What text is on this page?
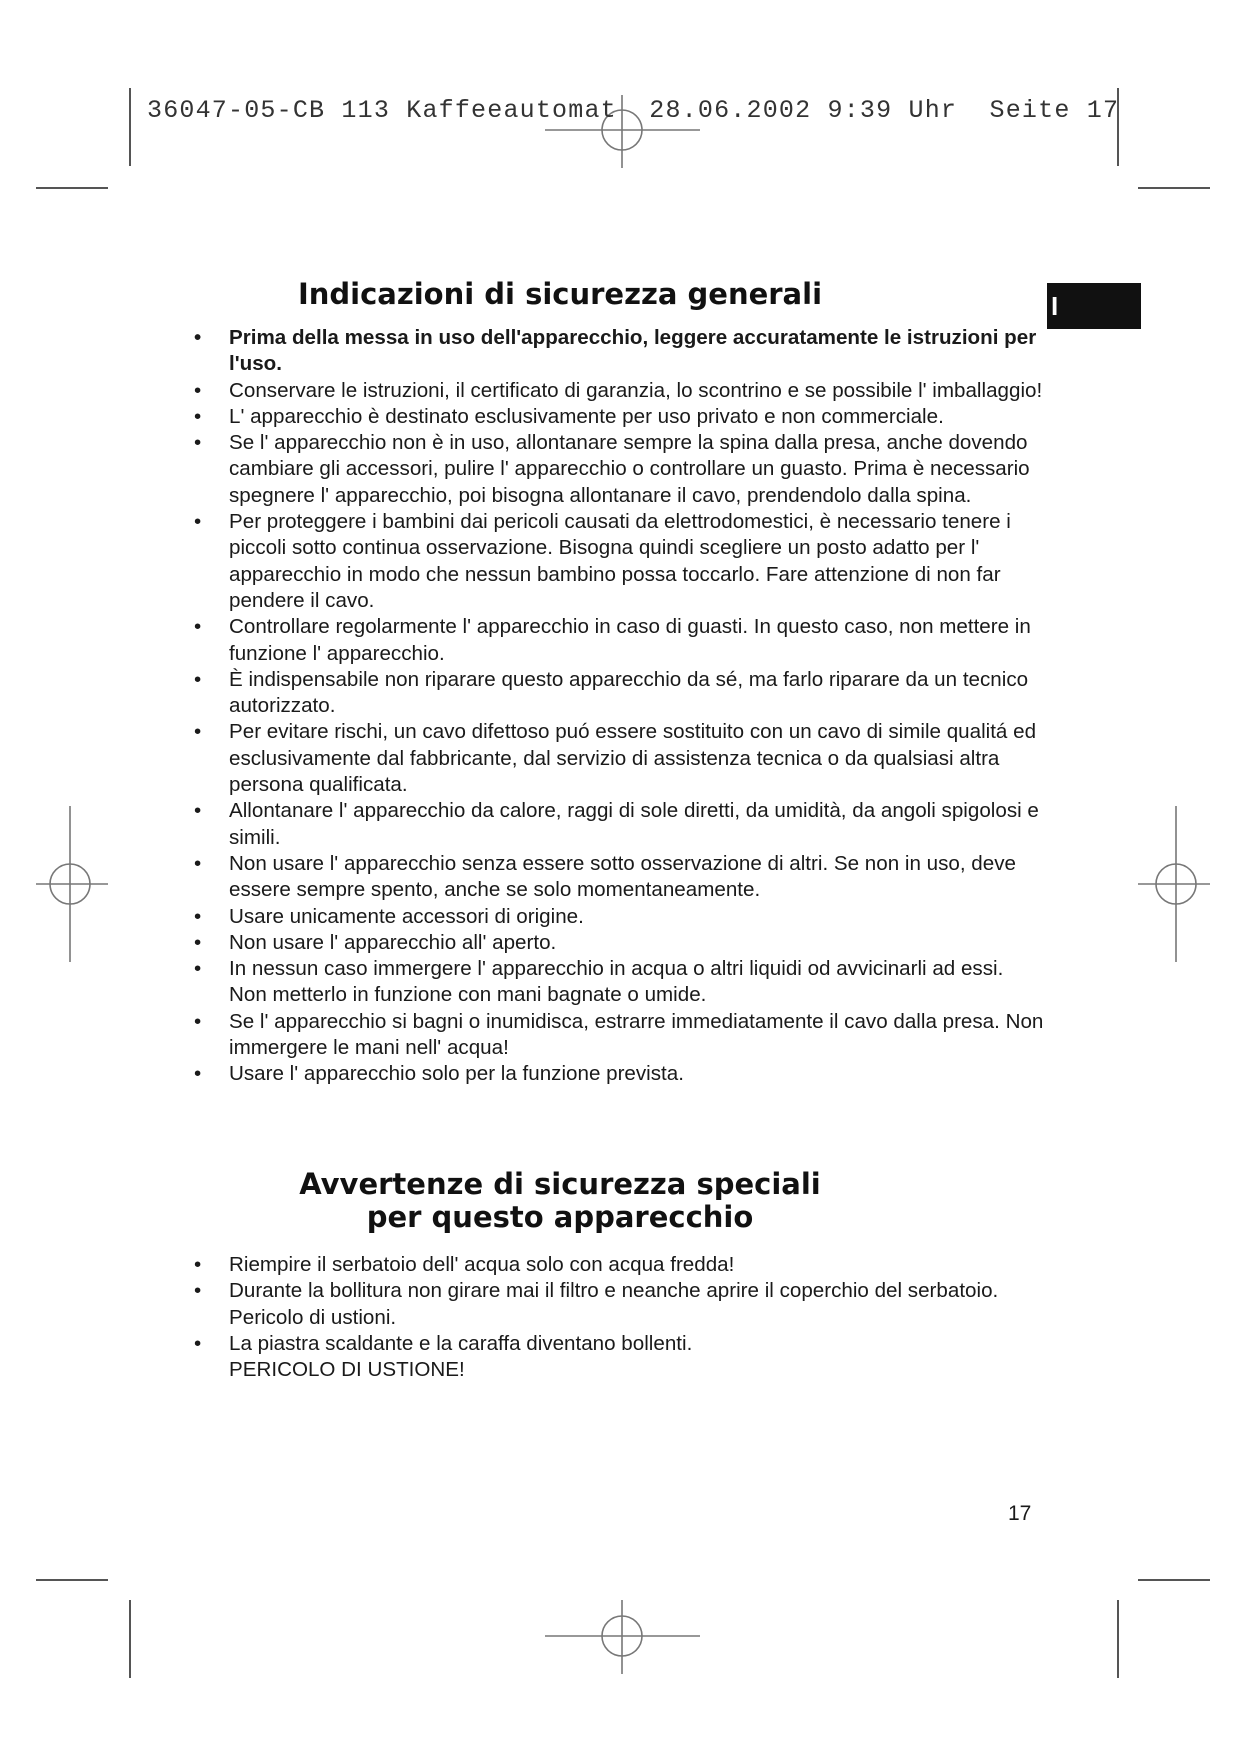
36047-05-CB 113 Kaffeeautomat  28.06.2002 9:39 Uhr  Seite 17
I
Indicazioni di sicurezza generali
• Prima della messa in uso dell'apparecchio, leggere accuratamente le istruzioni per l'uso.
• Conservare le istruzioni, il certificato di garanzia, lo scontrino e se possibile l' imballaggio!
• L' apparecchio è destinato esclusivamente per uso privato e non commerciale.
• Se l' apparecchio non è in uso, allontanare sempre la spina dalla presa, anche dovendo cambiare gli accessori, pulire l' apparecchio o controllare un guasto. Prima è necessario spegnere l' apparecchio, poi bisogna allontanare il cavo, prendendolo dalla spina.
• Per proteggere i bambini dai pericoli causati da elettrodomestici, è necessario tenere i piccoli sotto continua osservazione. Bisogna quindi scegliere un posto adatto per l' apparecchio in modo che nessun bambino possa toccarlo. Fare attenzione di non far pendere il cavo.
• Controllare regolarmente l' apparecchio in caso di guasti. In questo caso, non mettere in funzione l' apparecchio.
• È indispensabile non riparare questo apparecchio da sé, ma farlo riparare da un tecnico autorizzato.
• Per evitare rischi, un cavo difettoso puó essere sostituito con un cavo di simile qualitá ed esclusivamente dal fabbricante, dal servizio di assistenza tecnica o da qualsiasi altra persona qualificata.
• Allontanare l' apparecchio da calore, raggi di sole diretti, da umidità, da angoli spigolosi e simili.
• Non usare l' apparecchio senza essere sotto osservazione di altri. Se non in uso, deve essere sempre spento, anche se solo momentaneamente.
• Usare unicamente accessori di origine.
• Non usare l' apparecchio all' aperto.
• In nessun caso immergere l' apparecchio in acqua o altri liquidi od avvicinarli ad essi. Non metterlo in funzione con mani bagnate o umide.
• Se l' apparecchio si bagni o inumidisca, estrarre immediatamente il cavo dalla presa. Non immergere le mani nell' acqua!
• Usare l' apparecchio solo per la funzione prevista.
Avvertenze di sicurezza speciali
per questo apparecchio
• Riempire il serbatoio dell' acqua solo con acqua fredda!
• Durante la bollitura non girare mai il filtro e neanche aprire il coperchio del serbatoio. Pericolo di ustioni.
• La piastra scaldante e la caraffa diventano bollenti.
PERICOLO DI USTIONE!
17
